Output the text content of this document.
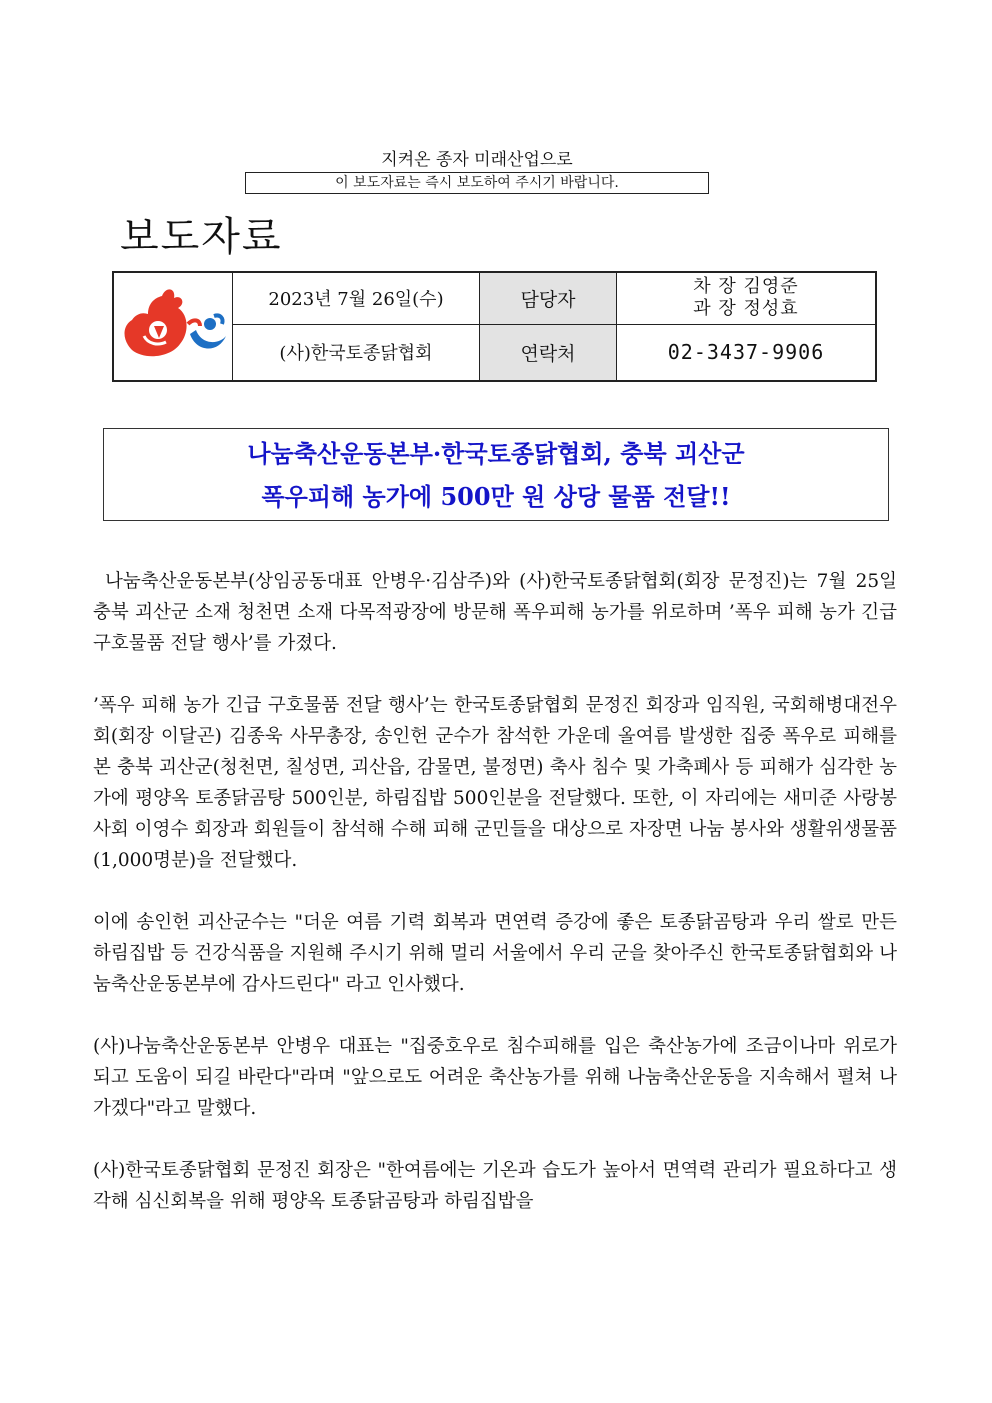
지켜온 종자 미래산업으로
이 보도자료는 즉시 보도하여 주시기 바랍니다.
보도자료
	2023년 7월 26일(수)	담당자	차 장 김영준
과 장 정성효

	(사)한국토종닭협회	연락처	02-3437-9906
나눔축산운동본부·한국토종닭협회, 충북 괴산군
폭우피해 농가에 500만 원 상당 물품 전달!!

나눔축산운동본부(상임공동대표 안병우·김삼주)와 (사)한국토종닭협회(회장 문정진)는 7월 25일 충북 괴산군 소재 청천면 소재 다목적광장에 방문해 폭우피해 농가를 위로하며 ’폭우 피해 농가 긴급 구호물품 전달 행사’를 가졌다.

’폭우 피해 농가 긴급 구호물품 전달 행사’는 한국토종닭협회 문정진 회장과 임직원, 국회해병대전우회(회장 이달곤) 김종욱 사무총장, 송인헌 군수가 참석한 가운데 올여름 발생한 집중 폭우로 피해를 본 충북 괴산군(청천면, 칠성면, 괴산읍, 감물면, 불정면) 축사 침수 및 가축폐사 등 피해가 심각한 농가에 평양옥 토종닭곰탕 500인분, 하림집밥 500인분을 전달했다. 또한, 이 자리에는 새미준 사랑봉사회 이영수 회장과 회원들이 참석해 수해 피해 군민들을 대상으로 자장면 나눔 봉사와 생활위생물품(1,000명분)을 전달했다.

이에 송인헌 괴산군수는 "더운 여름 기력 회복과 면연력 증강에 좋은 토종닭곰탕과 우리 쌀로 만든 하림집밥 등 건강식품을 지원해 주시기 위해 멀리 서울에서 우리 군을 찾아주신 한국토종닭협회와 나눔축산운동본부에 감사드린다" 라고 인사했다.

(사)나눔축산운동본부 안병우 대표는 "집중호우로 침수피해를 입은 축산농가에 조금이나마 위로가 되고 도움이 되길 바란다"라며 "앞으로도 어려운 축산농가를 위해 나눔축산운동을 지속해서 펼쳐 나가겠다"라고 말했다.

(사)한국토종닭협회 문정진 회장은 "한여름에는 기온과 습도가 높아서 면역력 관리가 필요하다고 생각해 심신회복을 위해 평양옥 토종닭곰탕과 하림집밥을
